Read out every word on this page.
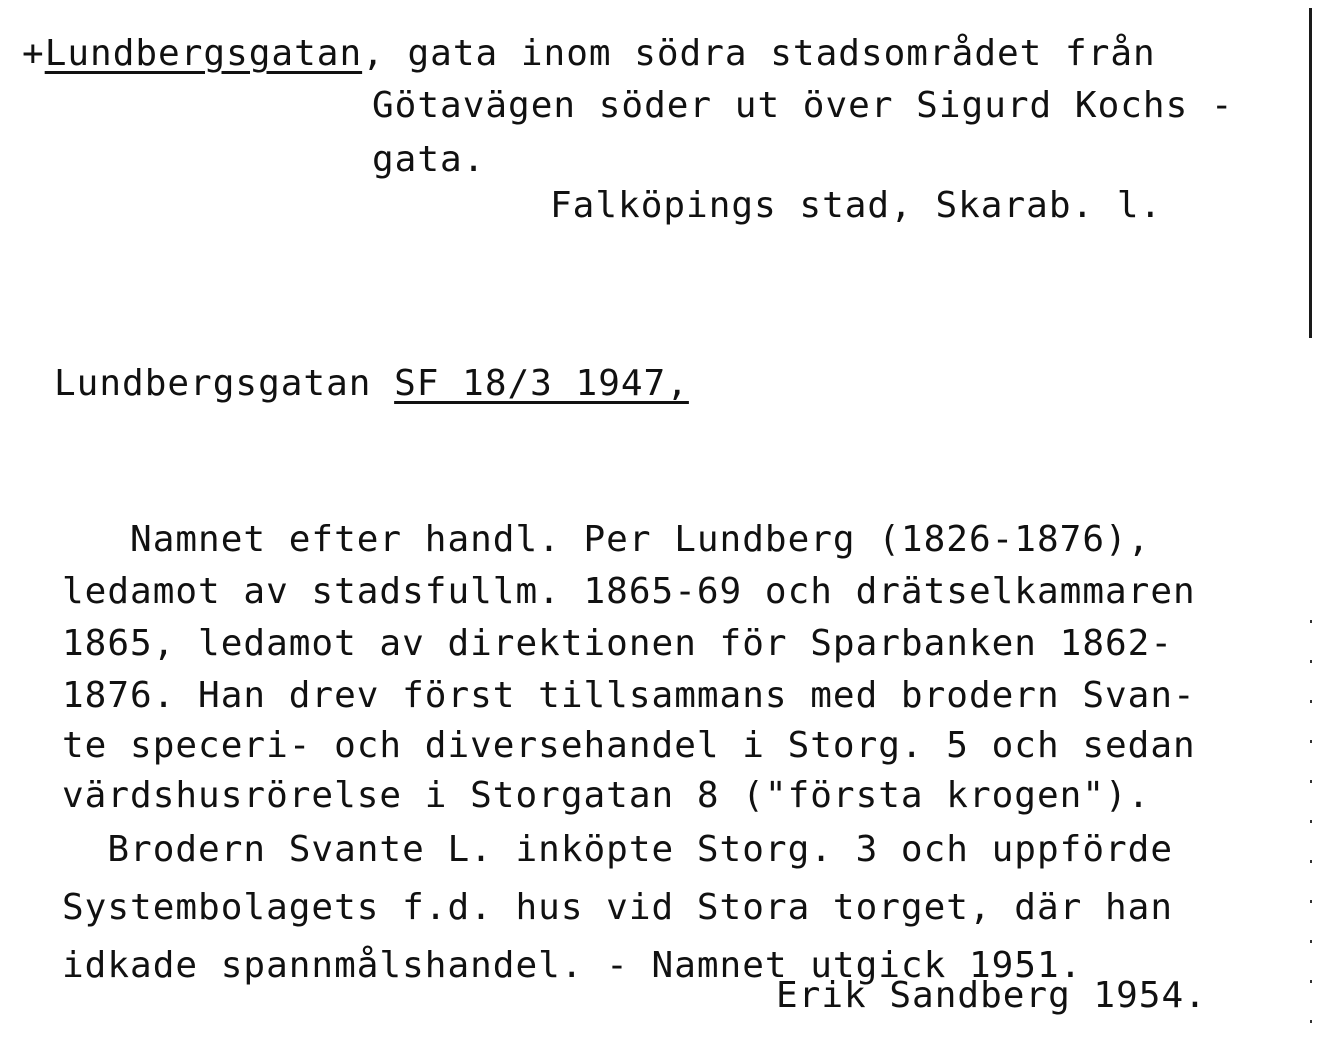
+Lundbergsgatan, gata inom södra stadsområdet från
Götavägen söder ut över Sigurd Kochs -
gata.
Falköpings stad, Skarab. l.
Lundbergsgatan SF 18/3 1947,
Namnet efter handl. Per Lundberg (1826-1876),
ledamot av stadsfullm. 1865-69 och drätselkammaren
1865, ledamot av direktionen för Sparbanken 1862-
1876. Han drev först tillsammans med brodern Svan-
te speceri- och diversehandel i Storg. 5 och sedan
värdshusrörelse i Storgatan 8 ("första krogen").
Brodern Svante L. inköpte Storg. 3 och uppförde
Systembolagets f.d. hus vid Stora torget, där han
idkade spannmålshandel. - Namnet utgick 1951.
Erik Sandberg 1954.
